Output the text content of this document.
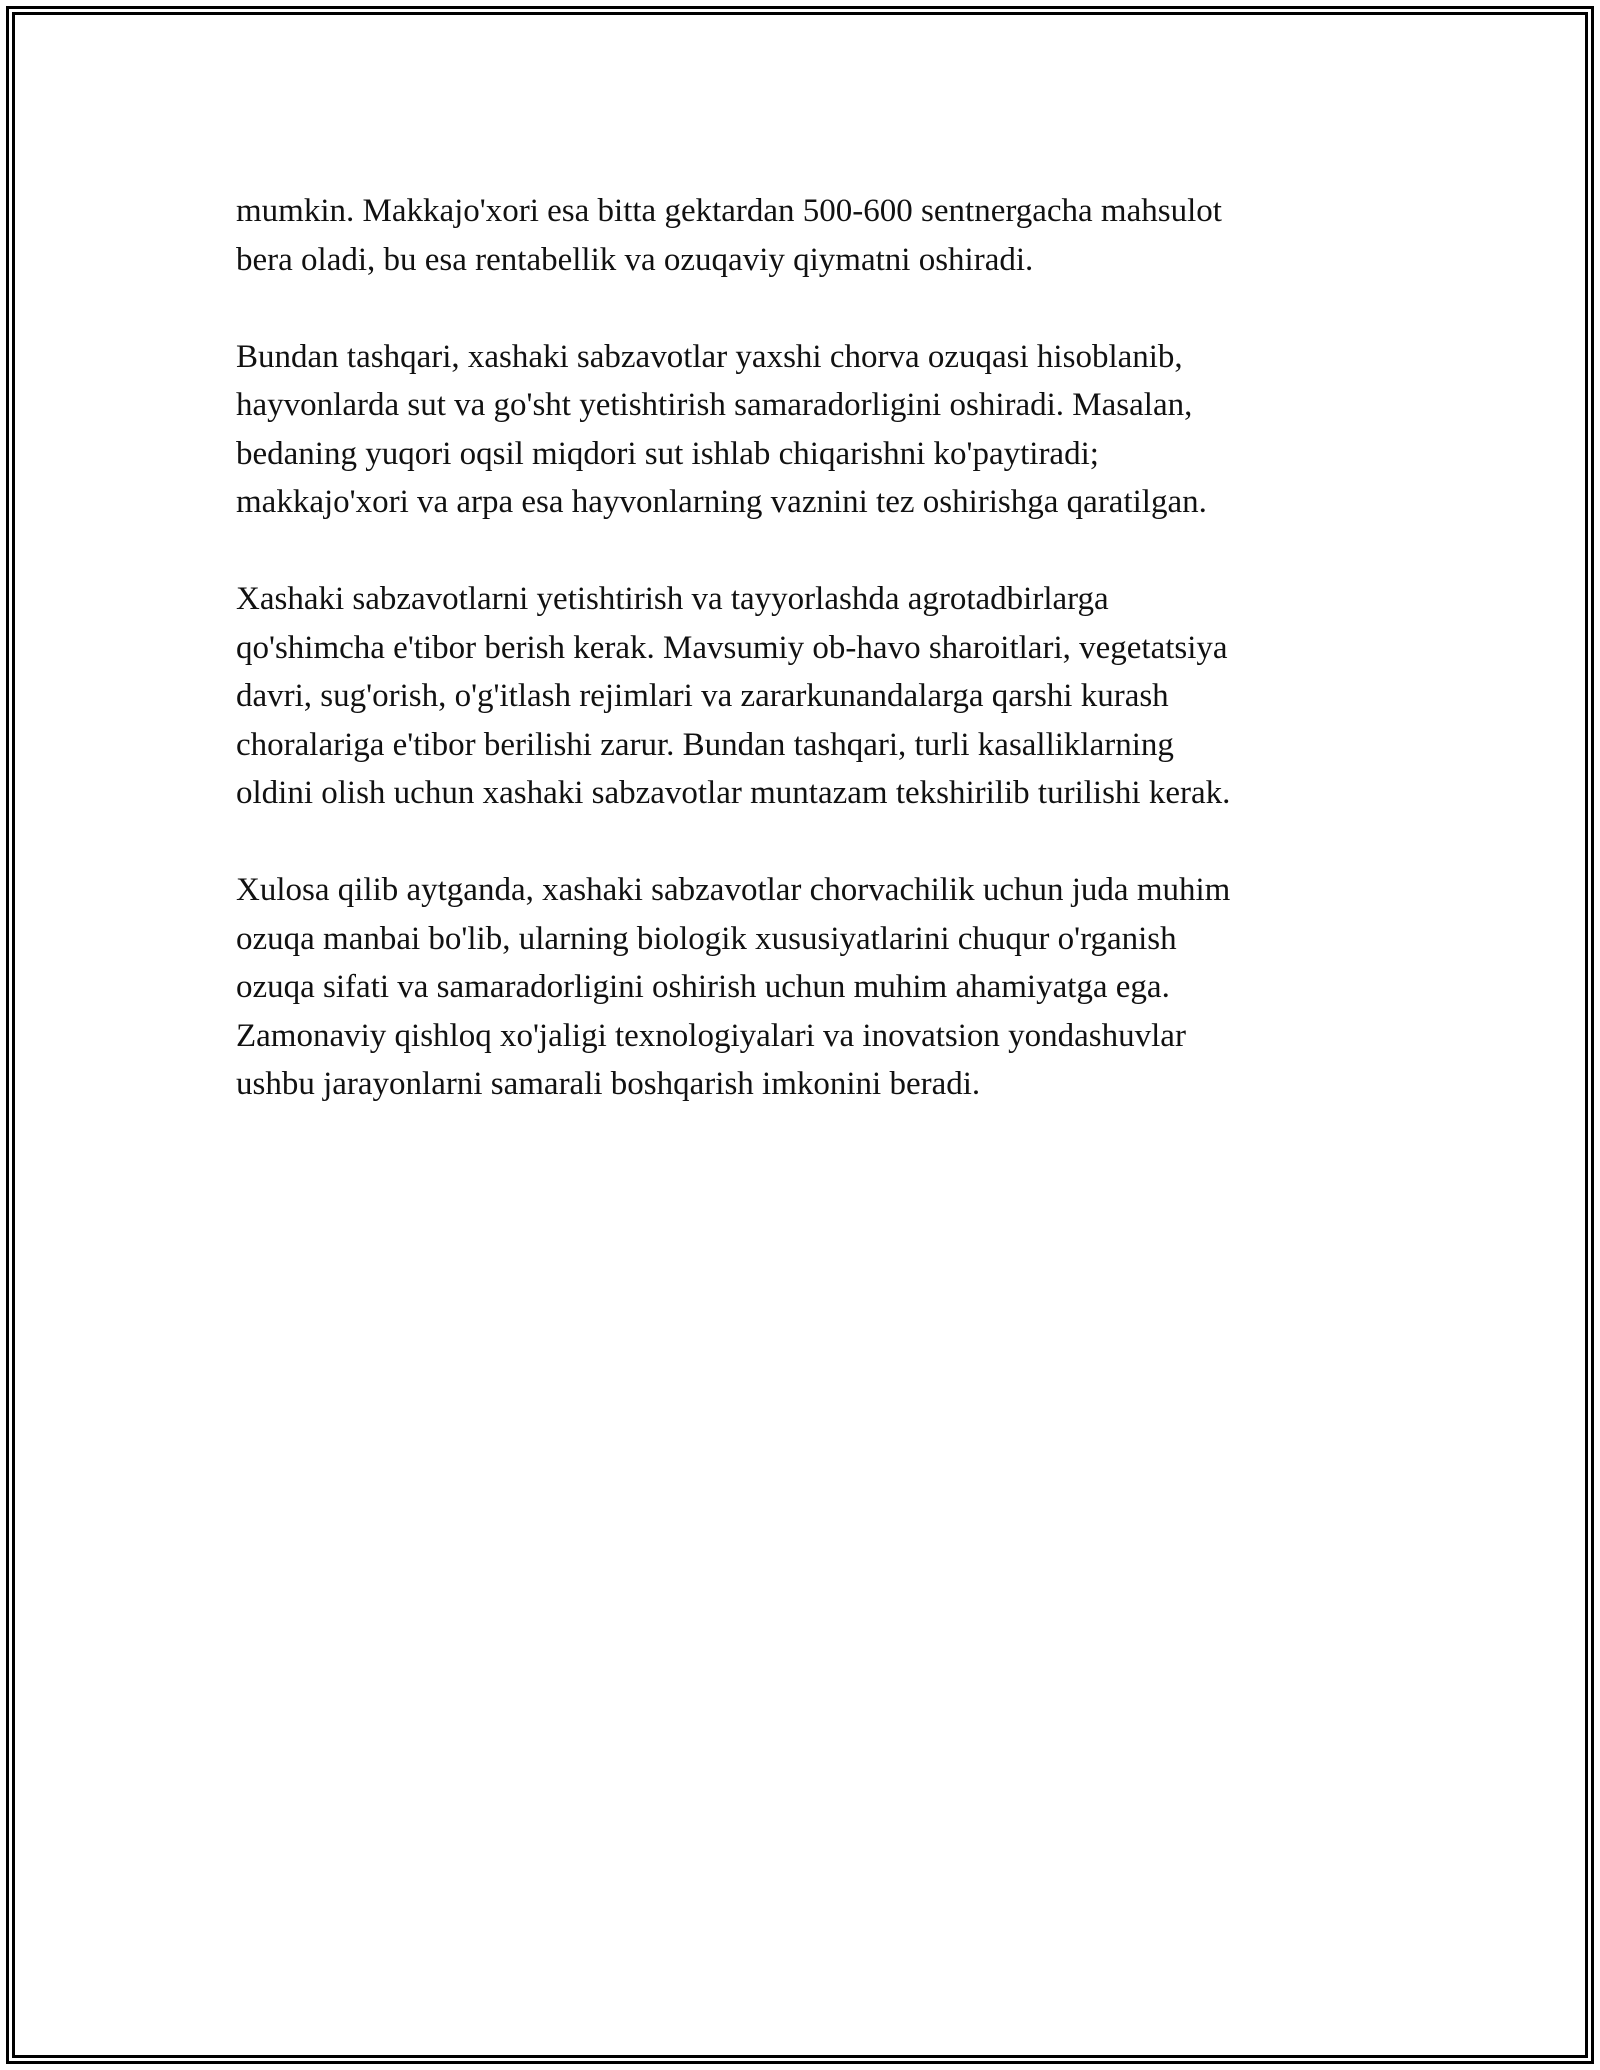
mumkin. Makkajo'xori esa bitta gektardan 500-600 sentnergacha mahsulot
bera oladi, bu esa rentabellik va ozuqaviy qiymatni oshiradi.

Bundan tashqari, xashaki sabzavotlar yaxshi chorva ozuqasi hisoblanib,
hayvonlarda sut va go'sht yetishtirish samaradorligini oshiradi. Masalan,
bedaning yuqori oqsil miqdori sut ishlab chiqarishni ko'paytiradi;
makkajo'xori va arpa esa hayvonlarning vaznini tez oshirishga qaratilgan.

Xashaki sabzavotlarni yetishtirish va tayyorlashda agrotadbirlarga
qo'shimcha e'tibor berish kerak. Mavsumiy ob-havo sharoitlari, vegetatsiya
davri, sug'orish, o'g'itlash rejimlari va zararkunandalarga qarshi kurash
choralariga e'tibor berilishi zarur. Bundan tashqari, turli kasalliklarning
oldini olish uchun xashaki sabzavotlar muntazam tekshirilib turilishi kerak.

Xulosa qilib aytganda, xashaki sabzavotlar chorvachilik uchun juda muhim
ozuqa manbai bo'lib, ularning biologik xususiyatlarini chuqur o'rganish
ozuqa sifati va samaradorligini oshirish uchun muhim ahamiyatga ega.
Zamonaviy qishloq xo'jaligi texnologiyalari va inovatsion yondashuvlar
ushbu jarayonlarni samarali boshqarish imkonini beradi.
